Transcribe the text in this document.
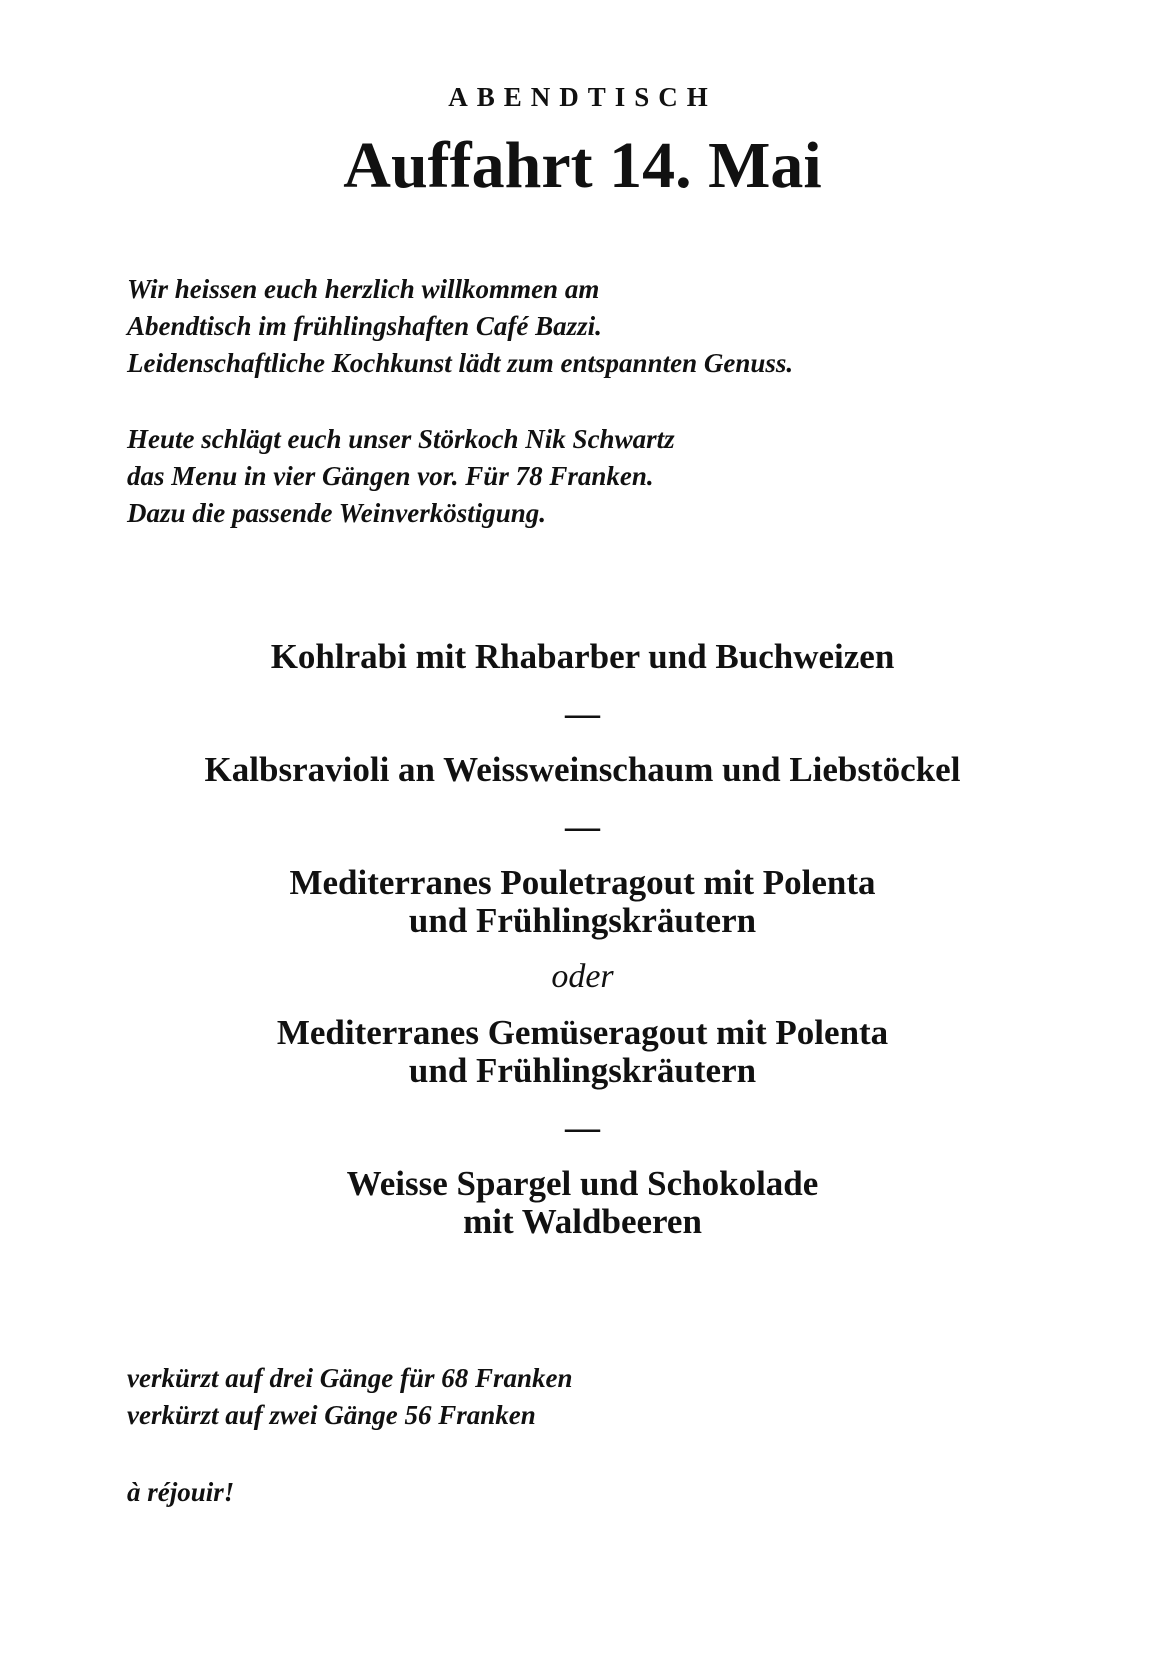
ABENDTISCH
Auffahrt 14. Mai

Wir heissen euch herzlich willkommen am

Abendtisch im frühlingshaften Café Bazzi.

Leidenschaftliche Kochkunst lädt zum entspannten Genuss.

Heute schlägt euch unser Störkoch Nik Schwartz

das Menu in vier Gängen vor. Für 78 Franken.

Dazu die passende Weinverköstigung.

Kohlrabi mit Rhabarber und Buchweizen
—
Kalbsravioli an Weissweinschaum und Liebstöckel
—
Mediterranes Pouletragout mit Polenta
und Frühlingskräutern
oder
Mediterranes Gemüseragout mit Polenta
und Frühlingskräutern
—
Weisse Spargel und Schokolade
mit Waldbeeren

verkürzt auf drei Gänge für 68 Franken

verkürzt auf zwei Gänge 56 Franken

à réjouir!
